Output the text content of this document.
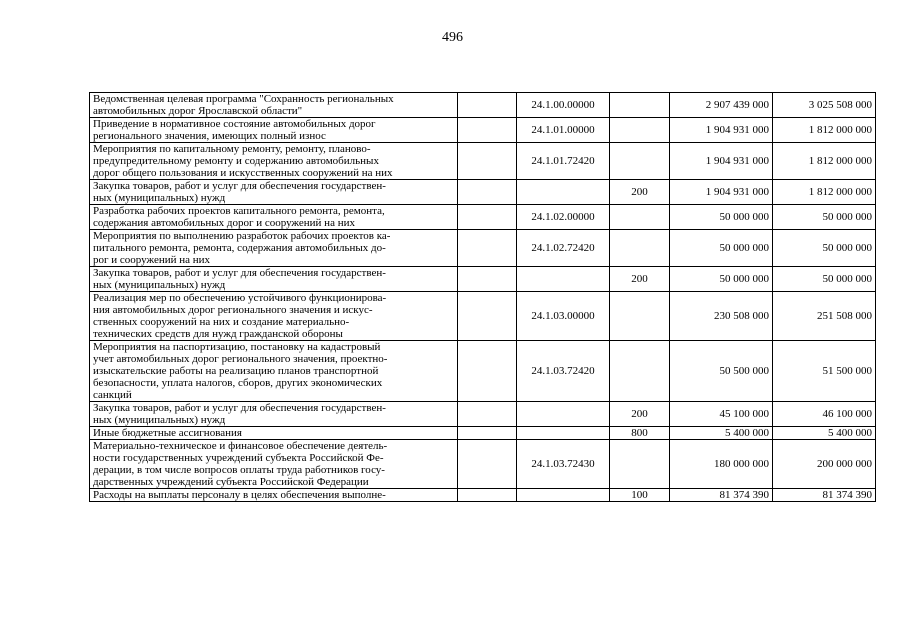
496
Ведомственная целевая программа "Сохранность региональных
автомобильных дорог Ярославской области"		24.1.00.00000		2 907 439 000	3 025 508 000

Приведение в нормативное состояние автомобильных дорог
регионального значения, имеющих полный износ		24.1.01.00000		1 904 931 000	1 812 000 000

Мероприятия по капитальному ремонту, ремонту, планово-
предупредительному ремонту и содержанию автомобильных
дорог общего пользования и искусственных сооружений на них		24.1.01.72420		1 904 931 000	1 812 000 000

Закупка товаров, работ и услуг для обеспечения государствен-
ных (муниципальных) нужд			200	1 904 931 000	1 812 000 000

Разработка рабочих проектов капитального ремонта, ремонта,
содержания автомобильных дорог и сооружений на них		24.1.02.00000		50 000 000	50 000 000

Мероприятия по выполнению разработок рабочих проектов ка-
питального ремонта, ремонта, содержания автомобильных до-
рог и сооружений на них		24.1.02.72420		50 000 000	50 000 000

Закупка товаров, работ и услуг для обеспечения государствен-
ных (муниципальных) нужд			200	50 000 000	50 000 000

Реализация мер по обеспечению устойчивого функционирова-
ния автомобильных дорог регионального значения и искус-
ственных сооружений на них и создание материально-
технических средств для нужд гражданской обороны		24.1.03.00000		230 508 000	251 508 000

Мероприятия на паспортизацию, постановку на кадастровый
учет автомобильных дорог регионального значения, проектно-
изыскательские работы на реализацию планов транспортной
безопасности, уплата налогов, сборов, других экономических
санкций		24.1.03.72420		50 500 000	51 500 000

Закупка товаров, работ и услуг для обеспечения государствен-
ных (муниципальных) нужд			200	45 100 000	46 100 000

Иные бюджетные ассигнования			800	5 400 000	5 400 000

Материально-техническое и финансовое обеспечение деятель-
ности государственных учреждений субъекта Российской Фе-
дерации, в том числе вопросов оплаты труда работников госу-
дарственных учреждений субъекта Российской Федерации		24.1.03.72430		180 000 000	200 000 000

Расходы на выплаты персоналу в целях обеспечения выполне-			100	81 374 390	81 374 390
